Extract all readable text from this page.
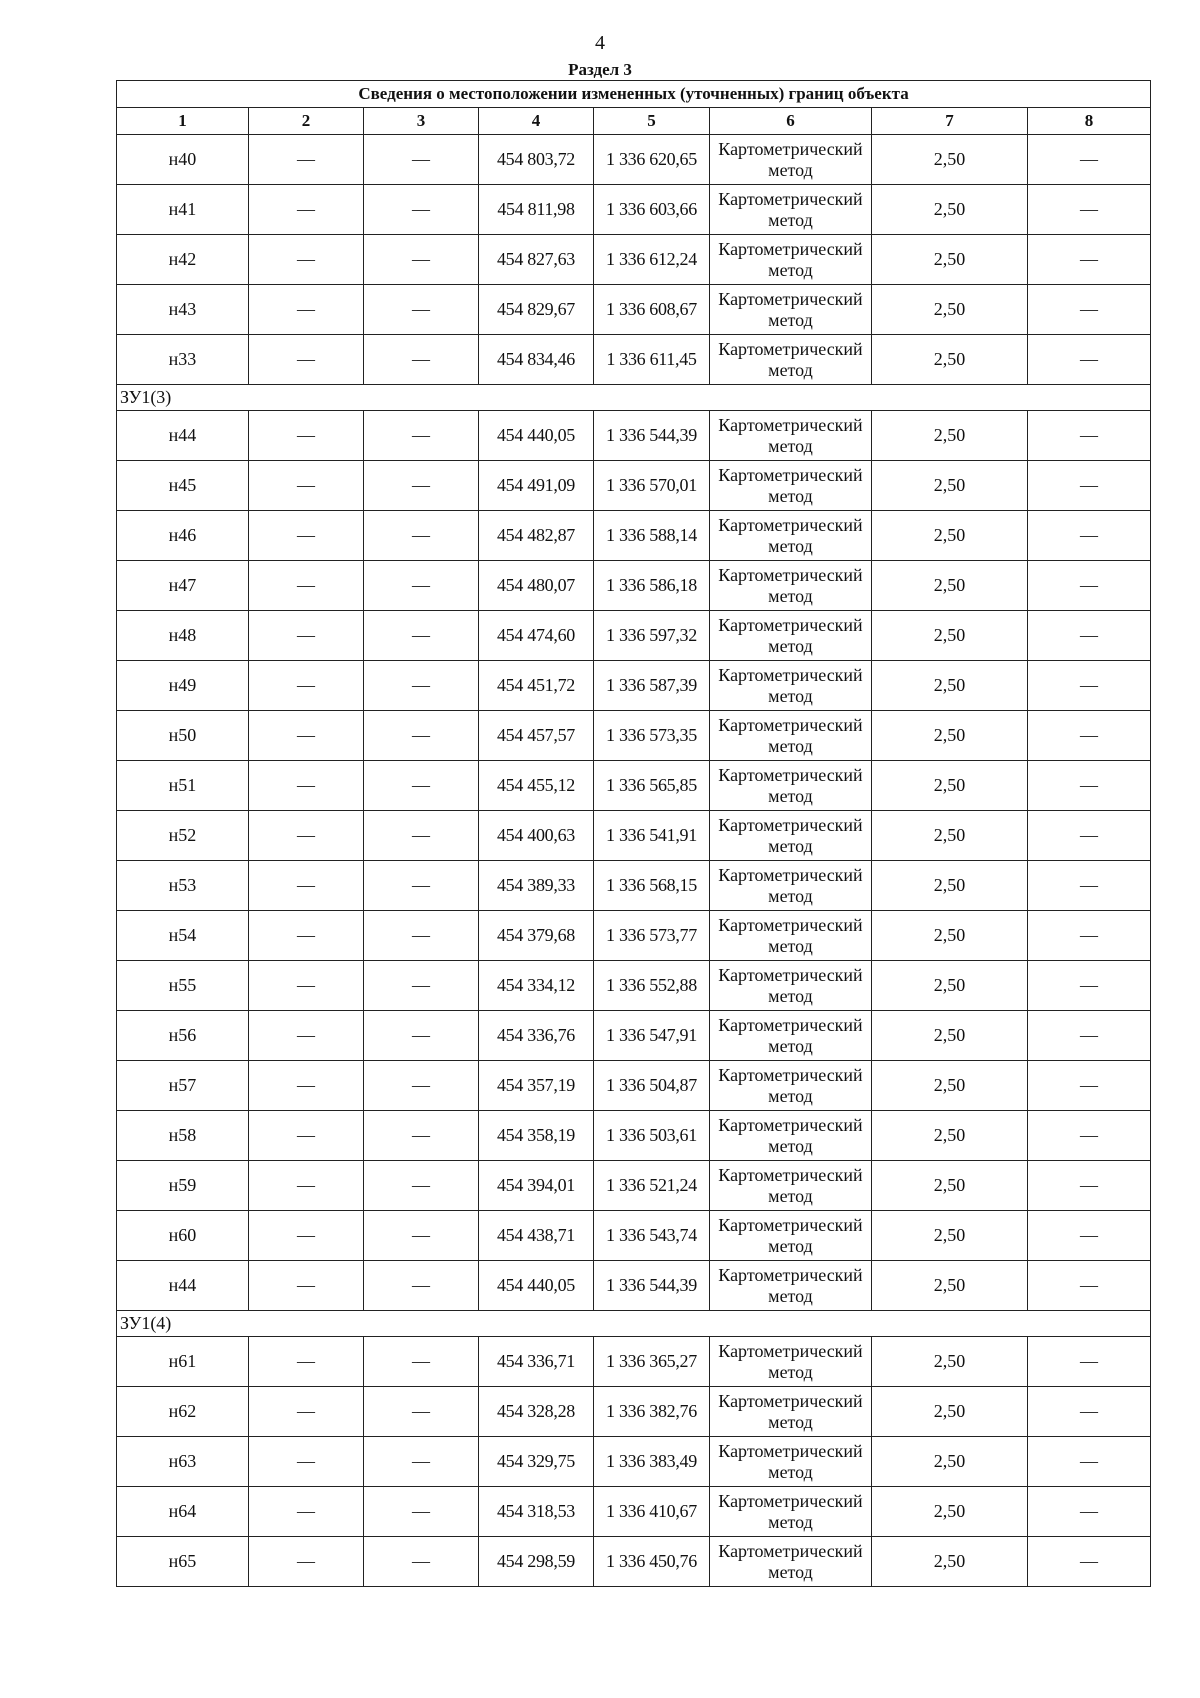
4
Раздел 3
Сведения о местоположении измененных (уточненных) границ объекта							
1	2	3	4	5	6	7	8
н40	—	—	454 803,72	1 336 620,65	Картометрический метод	2,50	—
н41	—	—	454 811,98	1 336 603,66	Картометрический метод	2,50	—
н42	—	—	454 827,63	1 336 612,24	Картометрический метод	2,50	—
н43	—	—	454 829,67	1 336 608,67	Картометрический метод	2,50	—
н33	—	—	454 834,46	1 336 611,45	Картометрический метод	2,50	—
ЗУ1(3)							
н44	—	—	454 440,05	1 336 544,39	Картометрический метод	2,50	—
н45	—	—	454 491,09	1 336 570,01	Картометрический метод	2,50	—
н46	—	—	454 482,87	1 336 588,14	Картометрический метод	2,50	—
н47	—	—	454 480,07	1 336 586,18	Картометрический метод	2,50	—
н48	—	—	454 474,60	1 336 597,32	Картометрический метод	2,50	—
н49	—	—	454 451,72	1 336 587,39	Картометрический метод	2,50	—
н50	—	—	454 457,57	1 336 573,35	Картометрический метод	2,50	—
н51	—	—	454 455,12	1 336 565,85	Картометрический метод	2,50	—
н52	—	—	454 400,63	1 336 541,91	Картометрический метод	2,50	—
н53	—	—	454 389,33	1 336 568,15	Картометрический метод	2,50	—
н54	—	—	454 379,68	1 336 573,77	Картометрический метод	2,50	—
н55	—	—	454 334,12	1 336 552,88	Картометрический метод	2,50	—
н56	—	—	454 336,76	1 336 547,91	Картометрический метод	2,50	—
н57	—	—	454 357,19	1 336 504,87	Картометрический метод	2,50	—
н58	—	—	454 358,19	1 336 503,61	Картометрический метод	2,50	—
н59	—	—	454 394,01	1 336 521,24	Картометрический метод	2,50	—
н60	—	—	454 438,71	1 336 543,74	Картометрический метод	2,50	—
н44	—	—	454 440,05	1 336 544,39	Картометрический метод	2,50	—
ЗУ1(4)							
н61	—	—	454 336,71	1 336 365,27	Картометрический метод	2,50	—
н62	—	—	454 328,28	1 336 382,76	Картометрический метод	2,50	—
н63	—	—	454 329,75	1 336 383,49	Картометрический метод	2,50	—
н64	—	—	454 318,53	1 336 410,67	Картометрический метод	2,50	—
н65	—	—	454 298,59	1 336 450,76	Картометрический метод	2,50	—
